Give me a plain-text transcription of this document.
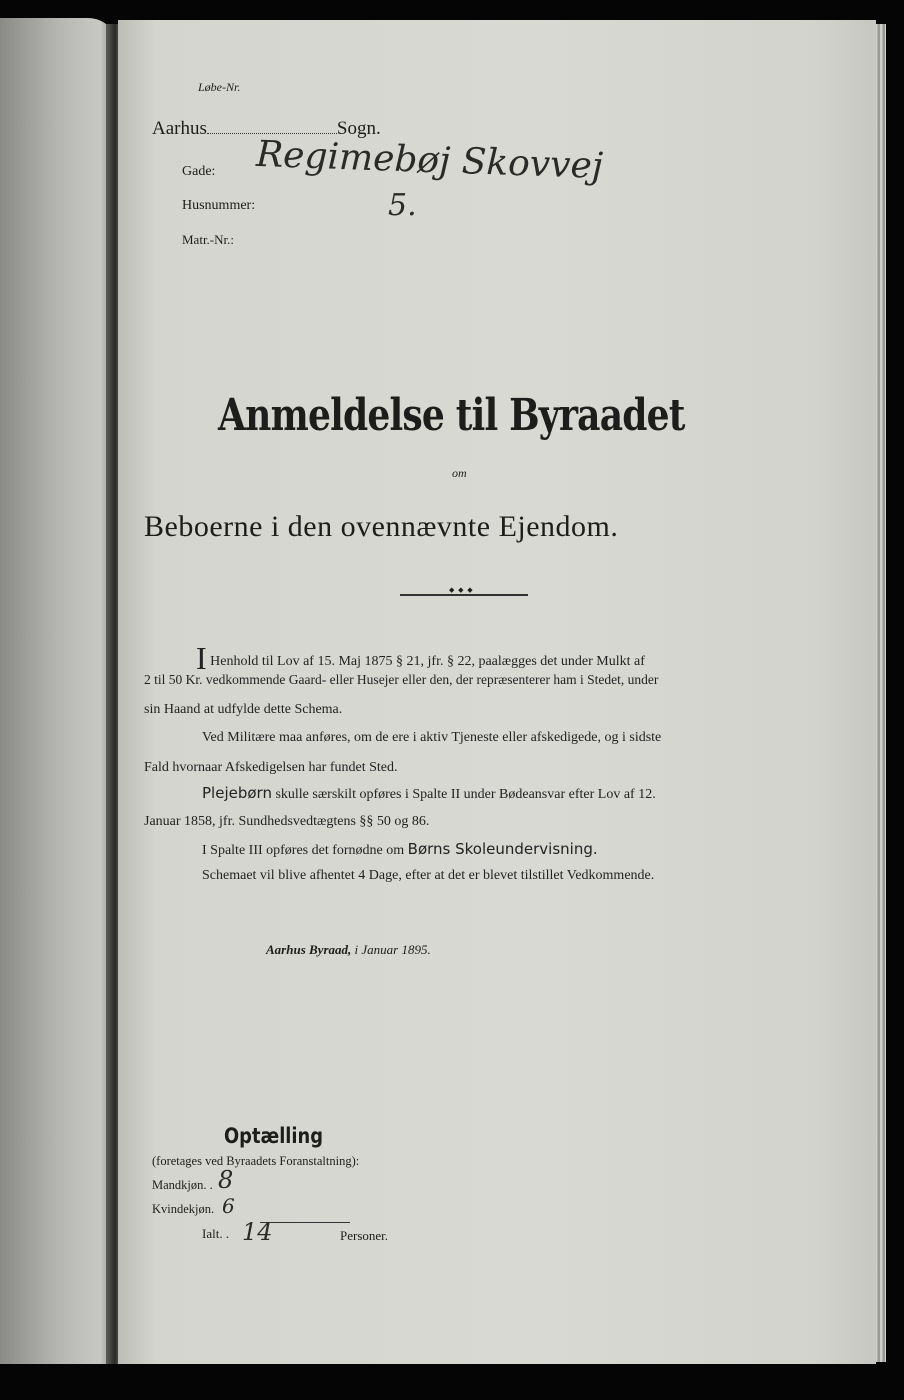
Løbe-Nr.
Aarhus	Sogn.
Gade: Regimebøj Skovvej
Husnummer:	5.
Matr.-Nr.:
Anmeldelse til Byraadet
om
Beboerne i den ovennævnte Ejendom.
◆ ◆ ◆
I Henhold til Lov af 15. Maj 1875 § 21, jfr. § 22, paalægges det under Mulkt af
2 til 50 Kr. vedkommende Gaard- eller Husejer eller den, der repræsenterer ham i Stedet, under
sin Haand at udfylde dette Schema.
Ved Militære maa anføres, om de ere i aktiv Tjeneste eller afskedigede, og i sidste
Fald hvornaar Afskedigelsen har fundet Sted.
Plejebørn skulle særskilt opføres i Spalte II under Bødeansvar efter Lov af 12.
Januar 1858, jfr. Sundhedsvedtægtens §§ 50 og 86.
I Spalte III opføres det fornødne om Børns Skoleundervisning.
Schemaet vil blive afhentet 4 Dage, efter at det er blevet tilstillet Vedkommende.
Aarhus Byraad, i Januar 1895.
Optælling
(foretages ved Byraadets Foranstaltning):
Mandkjøn. . 8
Kvindekjøn. 6
Ialt. . 14	Personer.
